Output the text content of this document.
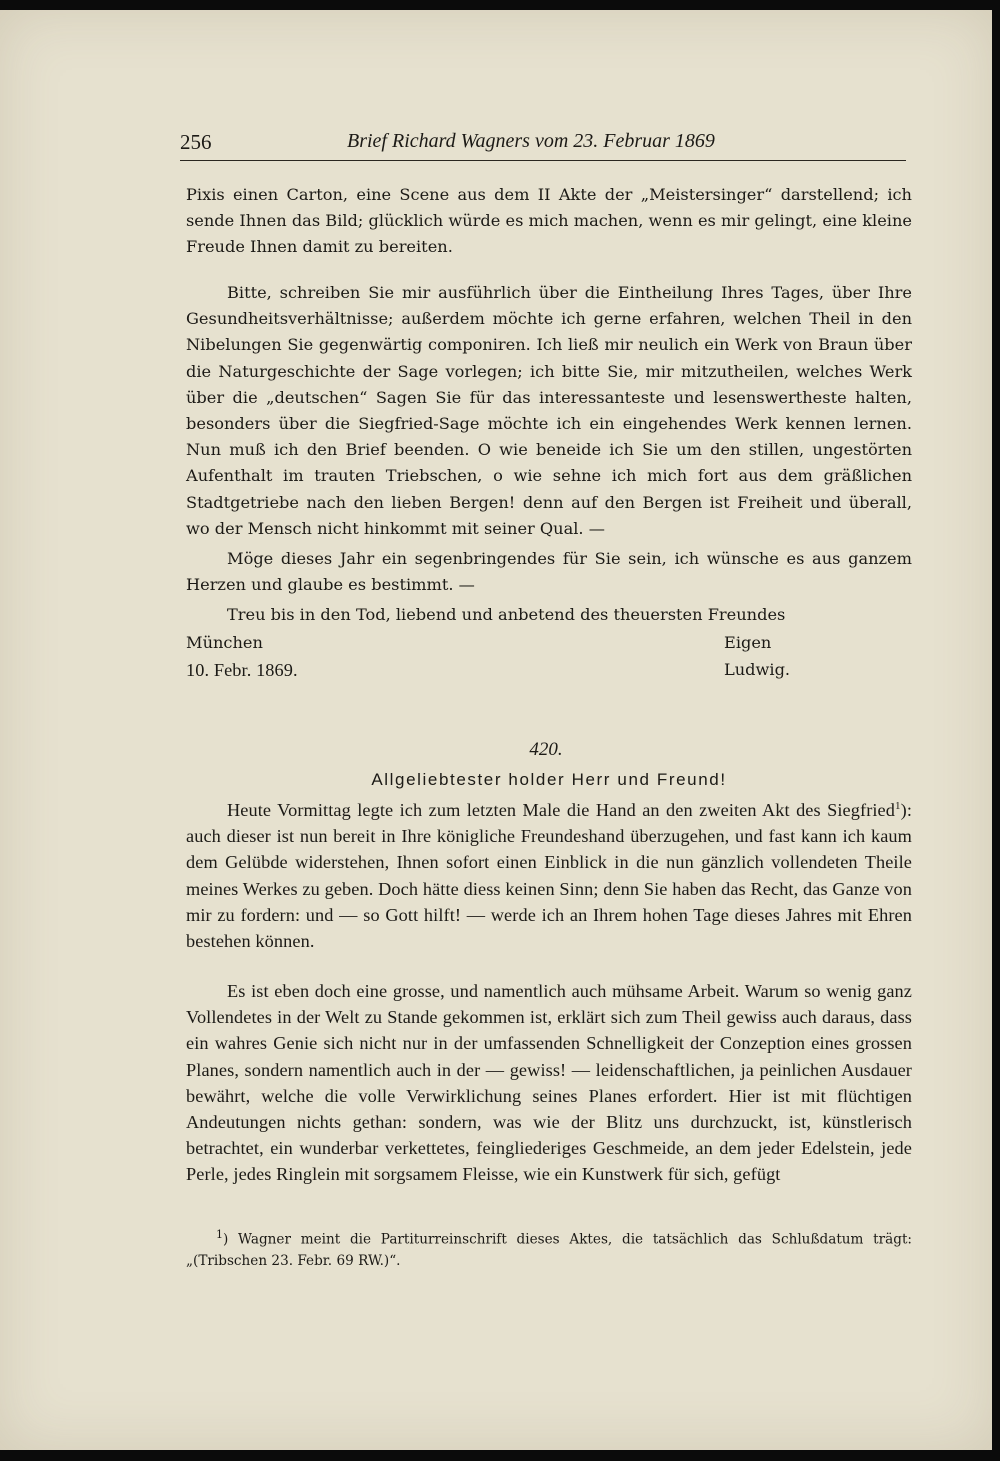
256	Brief Richard Wagners vom 23. Februar 1869

Pixis einen Carton, eine Scene aus dem II Akte der „Meistersinger“ darstellend; ich sende Ihnen das Bild; glücklich würde es mich machen, wenn es mir gelingt, eine kleine Freude Ihnen damit zu bereiten.

Bitte, schreiben Sie mir ausführlich über die Eintheilung Ihres Tages, über Ihre Gesundheitsverhältnisse; außerdem möchte ich gerne erfahren, welchen Theil in den Nibelungen Sie gegenwärtig componiren. Ich ließ mir neulich ein Werk von Braun über die Naturgeschichte der Sage vorlegen; ich bitte Sie, mir mitzutheilen, welches Werk über die „deutschen“ Sagen Sie für das interessanteste und lesenswertheste halten, besonders über die Siegfried-Sage möchte ich ein eingehendes Werk kennen lernen. Nun muß ich den Brief beenden. O wie beneide ich Sie um den stillen, ungestörten Aufenthalt im trauten Triebschen, o wie sehne ich mich fort aus dem gräßlichen Stadtgetriebe nach den lieben Bergen! denn auf den Bergen ist Freiheit und überall, wo der Mensch nicht hinkommt mit seiner Qual. —

Möge dieses Jahr ein segenbringendes für Sie sein, ich wünsche es aus ganzem Herzen und glaube es bestimmt. —

Treu bis in den Tod, liebend und anbetend des theuersten Freundes

München	Eigen
10. Febr. 1869.	Ludwig.
420.
Allgeliebtester holder Herr und Freund!

Heute Vormittag legte ich zum letzten Male die Hand an den zweiten Akt des Siegfried$^1$): auch dieser ist nun bereit in Ihre königliche Freundeshand überzugehen, und fast kann ich kaum dem Gelübde widerstehen, Ihnen sofort einen Einblick in die nun gänzlich vollendeten Theile meines Werkes zu geben. Doch hätte diess keinen Sinn; denn Sie haben das Recht, das Ganze von mir zu fordern: und — so Gott hilft! — werde ich an Ihrem hohen Tage dieses Jahres mit Ehren bestehen können.

Es ist eben doch eine grosse, und namentlich auch mühsame Arbeit. Warum so wenig ganz Vollendetes in der Welt zu Stande gekommen ist, erklärt sich zum Theil gewiss auch daraus, dass ein wahres Genie sich nicht nur in der umfassenden Schnelligkeit der Conzeption eines grossen Planes, sondern namentlich auch in der — gewiss! — leidenschaftlichen, ja peinlichen Ausdauer bewährt, welche die volle Verwirklichung seines Planes erfordert. Hier ist mit flüchtigen Andeutungen nichts gethan: sondern, was wie der Blitz uns durchzuckt, ist, künstlerisch betrachtet, ein wunderbar verkettetes, feingliederiges Geschmeide, an dem jeder Edelstein, jede Perle, jedes Ringlein mit sorgsamem Fleisse, wie ein Kunstwerk für sich, gefügt

$^1$) Wagner meint die Partiturreinschrift dieses Aktes, die tatsächlich das Schlußdatum trägt: „(Tribschen 23. Febr. 69 RW.)“.
